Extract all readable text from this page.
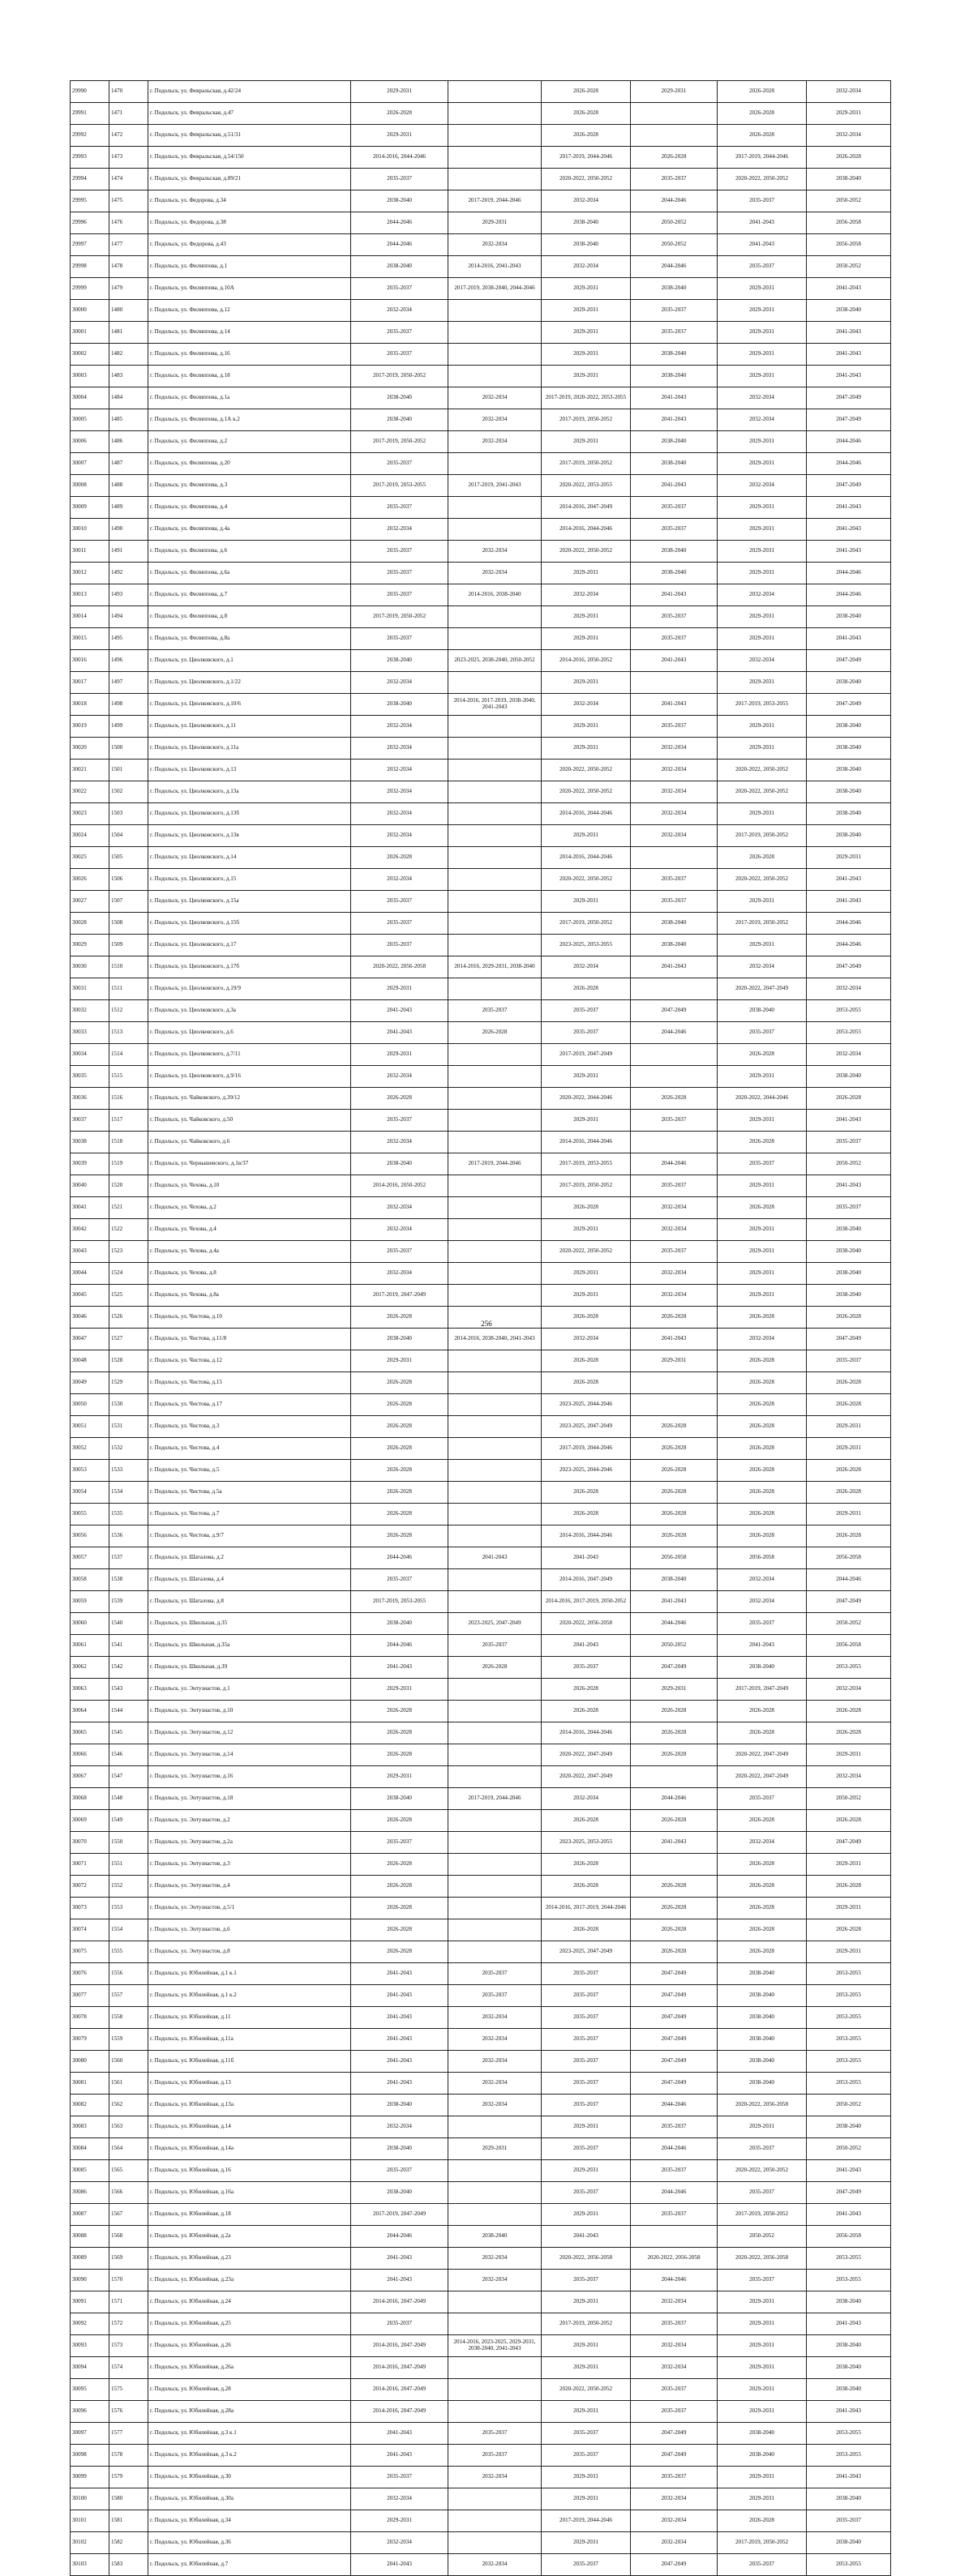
29990	1470	г. Подольск, ул. Февральская, д.42/24	2029-2031		2026-2028	2029-2031	2026-2028	2032-2034
29991	1471	г. Подольск, ул. Февральская, д.47	2026-2028		2026-2028		2026-2028	2029-2031
29992	1472	г. Подольск, ул. Февральская, д.51/31	2029-2031		2026-2028		2026-2028	2032-2034
29993	1473	г. Подольск, ул. Февральская, д.54/150	2014-2016, 2044-2046		2017-2019, 2044-2046	2026-2028	2017-2019, 2044-2046	2026-2028
29994	1474	г. Подольск, ул. Февральская, д.89/21	2035-2037		2020-2022, 2050-2052	2035-2037	2020-2022, 2050-2052	2038-2040
29995	1475	г. Подольск, ул. Федорова, д.34	2038-2040	2017-2019, 2044-2046	2032-2034	2044-2046	2035-2037	2050-2052
29996	1476	г. Подольск, ул. Федорова, д.38	2044-2046	2029-2031	2038-2040	2050-2052	2041-2043	2056-2058
29997	1477	г. Подольск, ул. Федорова, д.43	2044-2046	2032-2034	2038-2040	2050-2052	2041-2043	2056-2058
29998	1478	г. Подольск, ул. Филиппова, д.1	2038-2040	2014-2016, 2041-2043	2032-2034	2044-2046	2035-2037	2050-2052
29999	1479	г. Подольск, ул. Филиппова, д.10А	2035-2037	2017-2019, 2038-2040, 2044-2046	2029-2031	2038-2040	2029-2031	2041-2043
30000	1480	г. Подольск, ул. Филиппова, д.12	2032-2034		2029-2031	2035-2037	2029-2031	2038-2040
30001	1481	г. Подольск, ул. Филиппова, д.14	2035-2037		2029-2031	2035-2037	2029-2031	2041-2043
30002	1482	г. Подольск, ул. Филиппова, д.16	2035-2037		2029-2031	2038-2040	2029-2031	2041-2043
30003	1483	г. Подольск, ул. Филиппова, д.18	2017-2019, 2050-2052		2029-2031	2038-2040	2029-2031	2041-2043
30004	1484	г. Подольск, ул. Филиппова, д.1а	2038-2040	2032-2034	2017-2019, 2020-2022, 2053-2055	2041-2043	2032-2034	2047-2049
30005	1485	г. Подольск, ул. Филиппова, д.1А к.2	2038-2040	2032-2034	2017-2019, 2050-2052	2041-2043	2032-2034	2047-2049
30006	1486	г. Подольск, ул. Филиппова, д.2	2017-2019, 2050-2052	2032-2034	2029-2031	2038-2040	2029-2031	2044-2046
30007	1487	г. Подольск, ул. Филиппова, д.20	2035-2037		2017-2019, 2050-2052	2038-2040	2029-2031	2044-2046
30008	1488	г. Подольск, ул. Филиппова, д.3	2017-2019, 2053-2055	2017-2019, 2041-2043	2020-2022, 2053-2055	2041-2043	2032-2034	2047-2049
30009	1489	г. Подольск, ул. Филиппова, д.4	2035-2037		2014-2016, 2047-2049	2035-2037	2029-2031	2041-2043
30010	1490	г. Подольск, ул. Филиппова, д.4а	2032-2034		2014-2016, 2044-2046	2035-2037	2029-2031	2041-2043
30011	1491	г. Подольск, ул. Филиппова, д.6	2035-2037	2032-2034	2020-2022, 2050-2052	2038-2040	2029-2031	2041-2043
30012	1492	г. Подольск, ул. Филиппова, д.6а	2035-2037	2032-2034	2029-2031	2038-2040	2029-2031	2044-2046
30013	1493	г. Подольск, ул. Филиппова, д.7	2035-2037	2014-2016, 2038-2040	2032-2034	2041-2043	2032-2034	2044-2046
30014	1494	г. Подольск, ул. Филиппова, д.8	2017-2019, 2050-2052		2029-2031	2035-2037	2029-2031	2038-2040
30015	1495	г. Подольск, ул. Филиппова, д.8а	2035-2037		2029-2031	2035-2037	2029-2031	2041-2043
30016	1496	г. Подольск, ул. Циолковского, д.1	2038-2040	2023-2025, 2038-2040, 2050-2052	2014-2016, 2050-2052	2041-2043	2032-2034	2047-2049
30017	1497	г. Подольск, ул. Циолковского, д.1/22	2032-2034		2029-2031		2029-2031	2038-2040
30018	1498	г. Подольск, ул. Циолковского, д.10/6	2038-2040	2014-2016, 2017-2019, 2038-2040, 2041-2043	2032-2034	2041-2043	2017-2019, 2053-2055	2047-2049
30019	1499	г. Подольск, ул. Циолковского, д.11	2032-2034		2029-2031	2035-2037	2029-2031	2038-2040
30020	1500	г. Подольск, ул. Циолковского, д.11а	2032-2034		2029-2031	2032-2034	2029-2031	2038-2040
30021	1501	г. Подольск, ул. Циолковского, д.13	2032-2034		2020-2022, 2050-2052	2032-2034	2020-2022, 2050-2052	2038-2040
30022	1502	г. Подольск, ул. Циолковского, д.13а	2032-2034		2020-2022, 2050-2052	2032-2034	2020-2022, 2050-2052	2038-2040
30023	1503	г. Подольск, ул. Циолковского, д.13б	2032-2034		2014-2016, 2044-2046	2032-2034	2029-2031	2038-2040
30024	1504	г. Подольск, ул. Циолковского, д.13в	2032-2034		2029-2031	2032-2034	2017-2019, 2050-2052	2038-2040
30025	1505	г. Подольск, ул. Циолковского, д.14	2026-2028		2014-2016, 2044-2046		2026-2028	2029-2031
30026	1506	г. Подольск, ул. Циолковского, д.15	2032-2034		2020-2022, 2050-2052	2035-2037	2020-2022, 2050-2052	2041-2043
30027	1507	г. Подольск, ул. Циолковского, д.15а	2035-2037		2029-2031	2035-2037	2029-2031	2041-2043
30028	1508	г. Подольск, ул. Циолковского, д.15б	2035-2037		2017-2019, 2050-2052	2038-2040	2017-2019, 2050-2052	2044-2046
30029	1509	г. Подольск, ул. Циолковского, д.17	2035-2037		2023-2025, 2053-2055	2038-2040	2029-2031	2044-2046
30030	1510	г. Подольск, ул. Циолковского, д.17б	2020-2022, 2056-2058	2014-2016, 2029-2031, 2038-2040	2032-2034	2041-2043	2032-2034	2047-2049
30031	1511	г. Подольск, ул. Циолковского, д.19/9	2029-2031		2026-2028		2020-2022, 2047-2049	2032-2034
30032	1512	г. Подольск, ул. Циолковского, д.3а	2041-2043	2035-2037	2035-2037	2047-2049	2038-2040	2053-2055
30033	1513	г. Подольск, ул. Циолковского, д.6	2041-2043	2026-2028	2035-2037	2044-2046	2035-2037	2053-2055
30034	1514	г. Подольск, ул. Циолковского, д.7/11	2029-2031		2017-2019, 2047-2049		2026-2028	2032-2034
30035	1515	г. Подольск, ул. Циолковского, д.9/16	2032-2034		2029-2031		2029-2031	2038-2040
30036	1516	г. Подольск, ул. Чайковского, д.39/12	2026-2028		2020-2022, 2044-2046	2026-2028	2020-2022, 2044-2046	2026-2028
30037	1517	г. Подольск, ул. Чайковского, д.50	2035-2037		2029-2031	2035-2037	2029-2031	2041-2043
30038	1518	г. Подольск, ул. Чайковского, д.6	2032-2034		2014-2016, 2044-2046		2026-2028	2035-2037
30039	1519	г. Подольск, ул. Чернышевского, д.1в/37	2038-2040	2017-2019, 2044-2046	2017-2019, 2053-2055	2044-2046	2035-2037	2050-2052
30040	1520	г. Подольск, ул. Чехова, д.10	2014-2016, 2050-2052		2017-2019, 2050-2052	2035-2037	2029-2031	2041-2043
30041	1521	г. Подольск, ул. Чехова, д.2	2032-2034		2026-2028	2032-2034	2026-2028	2035-2037
30042	1522	г. Подольск, ул. Чехова, д.4	2032-2034		2029-2031	2032-2034	2029-2031	2038-2040
30043	1523	г. Подольск, ул. Чехова, д.4а	2035-2037		2020-2022, 2050-2052	2035-2037	2029-2031	2038-2040
30044	1524	г. Подольск, ул. Чехова, д.8	2032-2034		2029-2031	2032-2034	2029-2031	2038-2040
30045	1525	г. Подольск, ул. Чехова, д.8а	2017-2019, 2047-2049		2029-2031	2032-2034	2029-2031	2038-2040
30046	1526	г. Подольск, ул. Чистова, д.10	2026-2028		2026-2028	2026-2028	2026-2028	2026-2028
30047	1527	г. Подольск, ул. Чистова, д.11/8	2038-2040	2014-2016, 2038-2040, 2041-2043	2032-2034	2041-2043	2032-2034	2047-2049
30048	1528	г. Подольск, ул. Чистова, д.12	2029-2031		2026-2028	2029-2031	2026-2028	2035-2037
30049	1529	г. Подольск, ул. Чистова, д.15	2026-2028		2026-2028		2026-2028	2026-2028
30050	1530	г. Подольск, ул. Чистова, д.17	2026-2028		2023-2025, 2044-2046		2026-2028	2026-2028
30051	1531	г. Подольск, ул. Чистова, д.3	2026-2028		2023-2025, 2047-2049	2026-2028	2026-2028	2029-2031
30052	1532	г. Подольск, ул. Чистова, д.4	2026-2028		2017-2019, 2044-2046	2026-2028	2026-2028	2029-2031
30053	1533	г. Подольск, ул. Чистова, д.5	2026-2028		2023-2025, 2044-2046	2026-2028	2026-2028	2026-2028
30054	1534	г. Подольск, ул. Чистова, д.5а	2026-2028		2026-2028	2026-2028	2026-2028	2026-2028
30055	1535	г. Подольск, ул. Чистова, д.7	2026-2028		2026-2028	2026-2028	2026-2028	2029-2031
30056	1536	г. Подольск, ул. Чистова, д.9/7	2026-2028		2014-2016, 2044-2046	2026-2028	2026-2028	2026-2028
30057	1537	г. Подольск, ул. Шаталова, д.2	2044-2046	2041-2043	2041-2043	2056-2058	2056-2058	2056-2058
30058	1538	г. Подольск, ул. Шаталова, д.4	2035-2037		2014-2016, 2047-2049	2038-2040	2032-2034	2044-2046
30059	1539	г. Подольск, ул. Шаталова, д.8	2017-2019, 2053-2055		2014-2016, 2017-2019, 2050-2052	2041-2043	2032-2034	2047-2049
30060	1540	г. Подольск, ул. Школьная, д.35	2038-2040	2023-2025, 2047-2049	2020-2022, 2056-2058	2044-2046	2035-2037	2050-2052
30061	1541	г. Подольск, ул. Школьная, д.35а	2044-2046	2035-2037	2041-2043	2050-2052	2041-2043	2056-2058
30062	1542	г. Подольск, ул. Школьная, д.39	2041-2043	2026-2028	2035-2037	2047-2049	2038-2040	2053-2055
30063	1543	г. Подольск, ул. Энтузиастов, д.1	2029-2031		2026-2028	2029-2031	2017-2019, 2047-2049	2032-2034
30064	1544	г. Подольск, ул. Энтузиастов, д.10	2026-2028		2026-2028	2026-2028	2026-2028	2026-2028
30065	1545	г. Подольск, ул. Энтузиастов, д.12	2026-2028		2014-2016, 2044-2046	2026-2028	2026-2028	2026-2028
30066	1546	г. Подольск, ул. Энтузиастов, д.14	2026-2028		2020-2022, 2047-2049	2026-2028	2020-2022, 2047-2049	2029-2031
30067	1547	г. Подольск, ул. Энтузиастов, д.16	2029-2031		2020-2022, 2047-2049		2020-2022, 2047-2049	2032-2034
30068	1548	г. Подольск, ул. Энтузиастов, д.18	2038-2040	2017-2019, 2044-2046	2032-2034	2044-2046	2035-2037	2050-2052
30069	1549	г. Подольск, ул. Энтузиастов, д.2	2026-2028		2026-2028	2026-2028	2026-2028	2026-2028
30070	1550	г. Подольск, ул. Энтузиастов, д.2а	2035-2037		2023-2025, 2053-2055	2041-2043	2032-2034	2047-2049
30071	1551	г. Подольск, ул. Энтузиастов, д.3	2026-2028		2026-2028		2026-2028	2029-2031
30072	1552	г. Подольск, ул. Энтузиастов, д.4	2026-2028		2026-2028	2026-2028	2026-2028	2026-2028
30073	1553	г. Подольск, ул. Энтузиастов, д.5/1	2026-2028		2014-2016, 2017-2019, 2044-2046	2026-2028	2026-2028	2029-2031
30074	1554	г. Подольск, ул. Энтузиастов, д.6	2026-2028		2026-2028	2026-2028	2026-2028	2026-2028
30075	1555	г. Подольск, ул. Энтузиастов, д.8	2026-2028		2023-2025, 2047-2049	2026-2028	2026-2028	2029-2031
30076	1556	г. Подольск, ул. Юбилейная, д.1 к.1	2041-2043	2035-2037	2035-2037	2047-2049	2038-2040	2053-2055
30077	1557	г. Подольск, ул. Юбилейная, д.1 к.2	2041-2043	2035-2037	2035-2037	2047-2049	2038-2040	2053-2055
30078	1558	г. Подольск, ул. Юбилейная, д.11	2041-2043	2032-2034	2035-2037	2047-2049	2038-2040	2053-2055
30079	1559	г. Подольск, ул. Юбилейная, д.11а	2041-2043	2032-2034	2035-2037	2047-2049	2038-2040	2053-2055
30080	1560	г. Подольск, ул. Юбилейная, д.11б	2041-2043	2032-2034	2035-2037	2047-2049	2038-2040	2053-2055
30081	1561	г. Подольск, ул. Юбилейная, д.13	2041-2043	2032-2034	2035-2037	2047-2049	2038-2040	2053-2055
30082	1562	г. Подольск, ул. Юбилейная, д.13а	2038-2040	2032-2034	2035-2037	2044-2046	2020-2022, 2056-2058	2050-2052
30083	1563	г. Подольск, ул. Юбилейная, д.14	2032-2034		2029-2031	2035-2037	2029-2031	2038-2040
30084	1564	г. Подольск, ул. Юбилейная, д.14а	2038-2040	2029-2031	2035-2037	2044-2046	2035-2037	2050-2052
30085	1565	г. Подольск, ул. Юбилейная, д.16	2035-2037		2029-2031	2035-2037	2020-2022, 2050-2052	2041-2043
30086	1566	г. Подольск, ул. Юбилейная, д.16а	2038-2040		2035-2037	2044-2046	2035-2037	2047-2049
30087	1567	г. Подольск, ул. Юбилейная, д.18	2017-2019, 2047-2049		2029-2031	2035-2037	2017-2019, 2050-2052	2041-2043
30088	1568	г. Подольск, ул. Юбилейная, д.2а	2044-2046	2038-2040	2041-2043		2050-2052	2056-2058
30089	1569	г. Подольск, ул. Юбилейная, д.23	2041-2043	2032-2034	2020-2022, 2056-2058	2020-2022, 2056-2058	2020-2022, 2056-2058	2053-2055
30090	1570	г. Подольск, ул. Юбилейная, д.23а	2041-2043	2032-2034	2035-2037	2044-2046	2035-2037	2053-2055
30091	1571	г. Подольск, ул. Юбилейная, д.24	2014-2016, 2047-2049		2029-2031	2032-2034	2029-2031	2038-2040
30092	1572	г. Подольск, ул. Юбилейная, д.25	2035-2037		2017-2019, 2050-2052	2035-2037	2029-2031	2041-2043
30093	1573	г. Подольск, ул. Юбилейная, д.26	2014-2016, 2047-2049	2014-2016, 2023-2025, 2029-2031, 2038-2040, 2041-2043	2029-2031	2032-2034	2029-2031	2038-2040
30094	1574	г. Подольск, ул. Юбилейная, д.26а	2014-2016, 2047-2049		2029-2031	2032-2034	2029-2031	2038-2040
30095	1575	г. Подольск, ул. Юбилейная, д.28	2014-2016, 2047-2049		2020-2022, 2050-2052	2035-2037	2029-2031	2038-2040
30096	1576	г. Подольск, ул. Юбилейная, д.28а	2014-2016, 2047-2049		2029-2031	2035-2037	2029-2031	2041-2043
30097	1577	г. Подольск, ул. Юбилейная, д.3 к.1	2041-2043	2035-2037	2035-2037	2047-2049	2038-2040	2053-2055
30098	1578	г. Подольск, ул. Юбилейная, д.3 к.2	2041-2043	2035-2037	2035-2037	2047-2049	2038-2040	2053-2055
30099	1579	г. Подольск, ул. Юбилейная, д.30	2035-2037	2032-2034	2029-2031	2035-2037	2029-2031	2041-2043
30100	1580	г. Подольск, ул. Юбилейная, д.30а	2032-2034		2029-2031	2032-2034	2029-2031	2038-2040
30101	1581	г. Подольск, ул. Юбилейная, д.34	2029-2031		2017-2019, 2044-2046	2032-2034	2026-2028	2035-2037
30102	1582	г. Подольск, ул. Юбилейная, д.36	2032-2034		2029-2031	2032-2034	2017-2019, 2050-2052	2038-2040
30103	1583	г. Подольск, ул. Юбилейная, д.7	2041-2043	2032-2034	2035-2037	2047-2049	2035-2037	2053-2055
256
